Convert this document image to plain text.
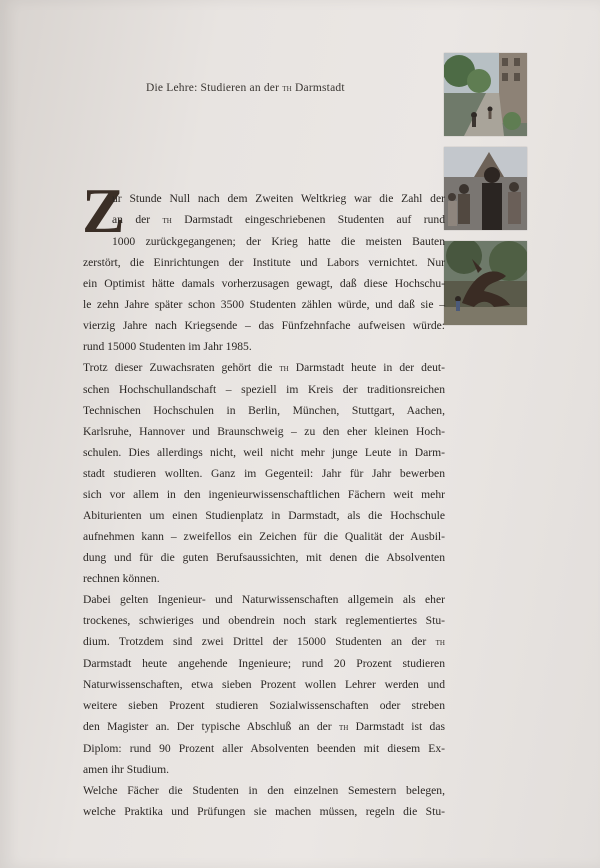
Die Lehre: Studieren an der th Darmstadt
Z
ur Stunde Null nach dem Zweiten Weltkrieg war die Zahl der
an der th Darmstadt eingeschriebenen Studenten auf rund
1000 zurückgegangenen; der Krieg hatte die meisten Bauten
zerstört, die Einrichtungen der Institute und Labors vernichtet. Nur
ein Optimist hätte damals vorherzusagen gewagt, daß diese Hochschu-
le zehn Jahre später schon 3500 Studenten zählen würde, und daß sie –
vierzig Jahre nach Kriegsende – das Fünfzehnfache aufweisen würde:
rund 15000 Studenten im Jahr 1985.
Trotz dieser Zuwachsraten gehört die th Darmstadt heute in der deut-
schen Hochschullandschaft – speziell im Kreis der traditionsreichen
Technischen Hochschulen in Berlin, München, Stuttgart, Aachen,
Karlsruhe, Hannover und Braunschweig – zu den eher kleinen Hoch-
schulen. Dies allerdings nicht, weil nicht mehr junge Leute in Darm-
stadt studieren wollten. Ganz im Gegenteil: Jahr für Jahr bewerben
sich vor allem in den ingenieurwissenschaftlichen Fächern weit mehr
Abiturienten um einen Studienplatz in Darmstadt, als die Hochschule
aufnehmen kann – zweifellos ein Zeichen für die Qualität der Ausbil-
dung und für die guten Berufsaussichten, mit denen die Absolventen
rechnen können.
Dabei gelten Ingenieur- und Naturwissenschaften allgemein als eher
trockenes, schwieriges und obendrein noch stark reglementiertes Stu-
dium. Trotzdem sind zwei Drittel der 15000 Studenten an der th
Darmstadt heute angehende Ingenieure; rund 20 Prozent studieren
Naturwissenschaften, etwa sieben Prozent wollen Lehrer werden und
weitere sieben Prozent studieren Sozialwissenschaften oder streben
den Magister an. Der typische Abschluß an der th Darmstadt ist das
Diplom: rund 90 Prozent aller Absolventen beenden mit diesem Ex-
amen ihr Studium.
Welche Fächer die Studenten in den einzelnen Semestern belegen,
welche Praktika und Prüfungen sie machen müssen, regeln die Stu-
